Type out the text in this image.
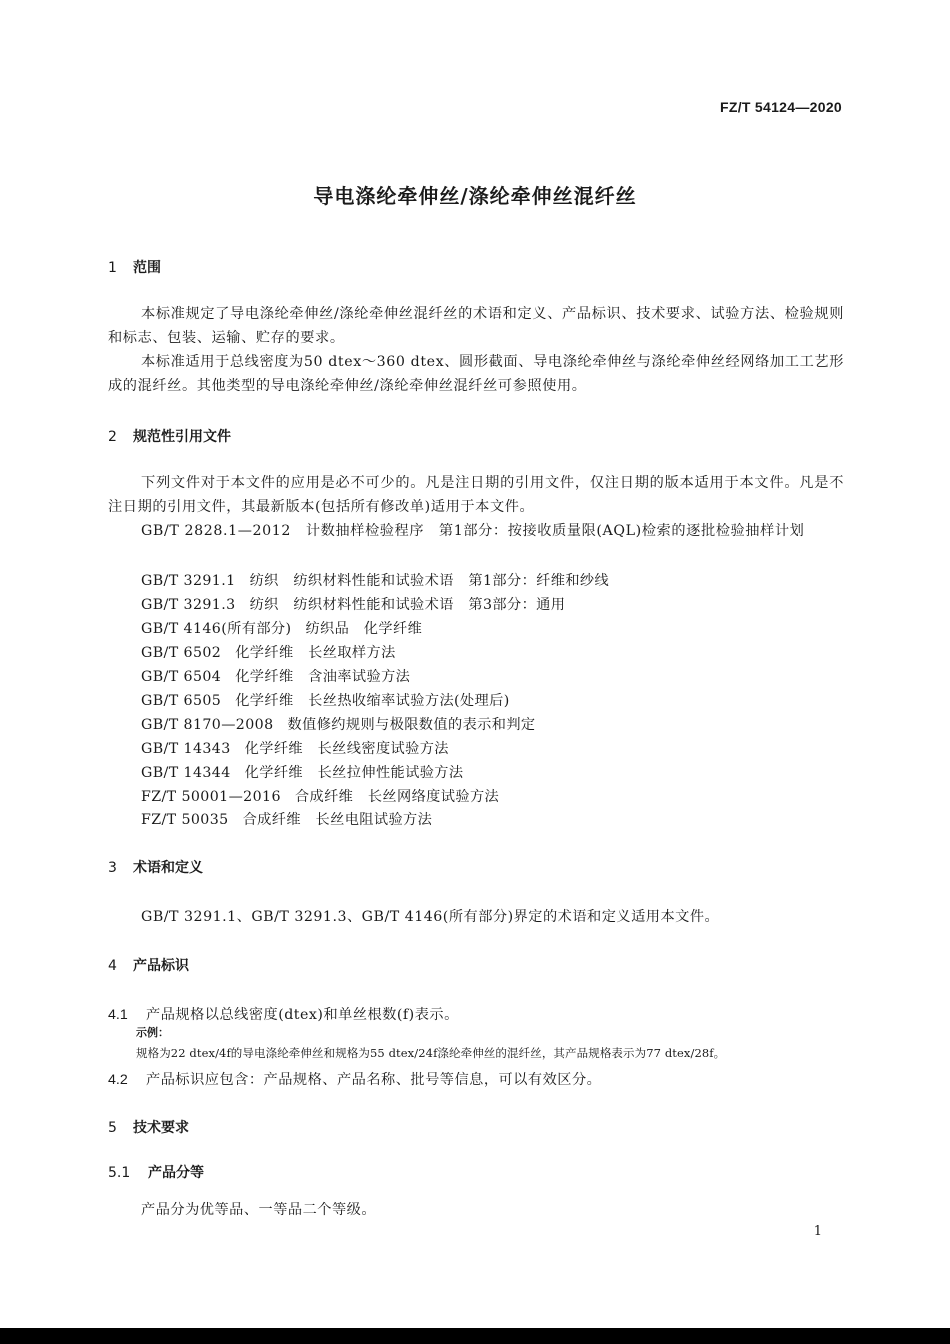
FZ/T 54124—2020
导电涤纶牵伸丝/涤纶牵伸丝混纤丝
1 范围
本标准规定了导电涤纶牵伸丝/涤纶牵伸丝混纤丝的术语和定义、产品标识、技术要求、试验方法、检验规则和标志、包装、运输、贮存的要求。
本标准适用于总线密度为50 dtex～360 dtex、圆形截面、导电涤纶牵伸丝与涤纶牵伸丝经网络加工工艺形成的混纤丝。其他类型的导电涤纶牵伸丝/涤纶牵伸丝混纤丝可参照使用。
2 规范性引用文件
下列文件对于本文件的应用是必不可少的。凡是注日期的引用文件，仅注日期的版本适用于本文件。凡是不注日期的引用文件，其最新版本(包括所有修改单)适用于本文件。
GB/T 2828.1—2012　计数抽样检验程序　第1部分：按接收质量限(AQL)检索的逐批检验抽样计划
GB/T 3291.1 纺织　纺织材料性能和试验术语　第1部分：纤维和纱线
GB/T 3291.3 纺织　纺织材料性能和试验术语　第3部分：通用
GB/T 4146(所有部分) 纺织品　化学纤维
GB/T 6502 化学纤维　长丝取样方法
GB/T 6504 化学纤维　含油率试验方法
GB/T 6505 化学纤维　长丝热收缩率试验方法(处理后)
GB/T 8170—2008 数值修约规则与极限数值的表示和判定
GB/T 14343 化学纤维　长丝线密度试验方法
GB/T 14344 化学纤维　长丝拉伸性能试验方法
FZ/T 50001—2016 合成纤维　长丝网络度试验方法
FZ/T 50035 合成纤维　长丝电阻试验方法
3 术语和定义
GB/T 3291.1、GB/T 3291.3、GB/T 4146(所有部分)界定的术语和定义适用本文件。
4 产品标识
4.1 产品规格以总线密度(dtex)和单丝根数(f)表示。
示例：
规格为22 dtex/4f的导电涤纶牵伸丝和规格为55 dtex/24f涤纶牵伸丝的混纤丝，其产品规格表示为77 dtex/28f。
4.2 产品标识应包含：产品规格、产品名称、批号等信息，可以有效区分。
5 技术要求
5.1 产品分等
产品分为优等品、一等品二个等级。
1
